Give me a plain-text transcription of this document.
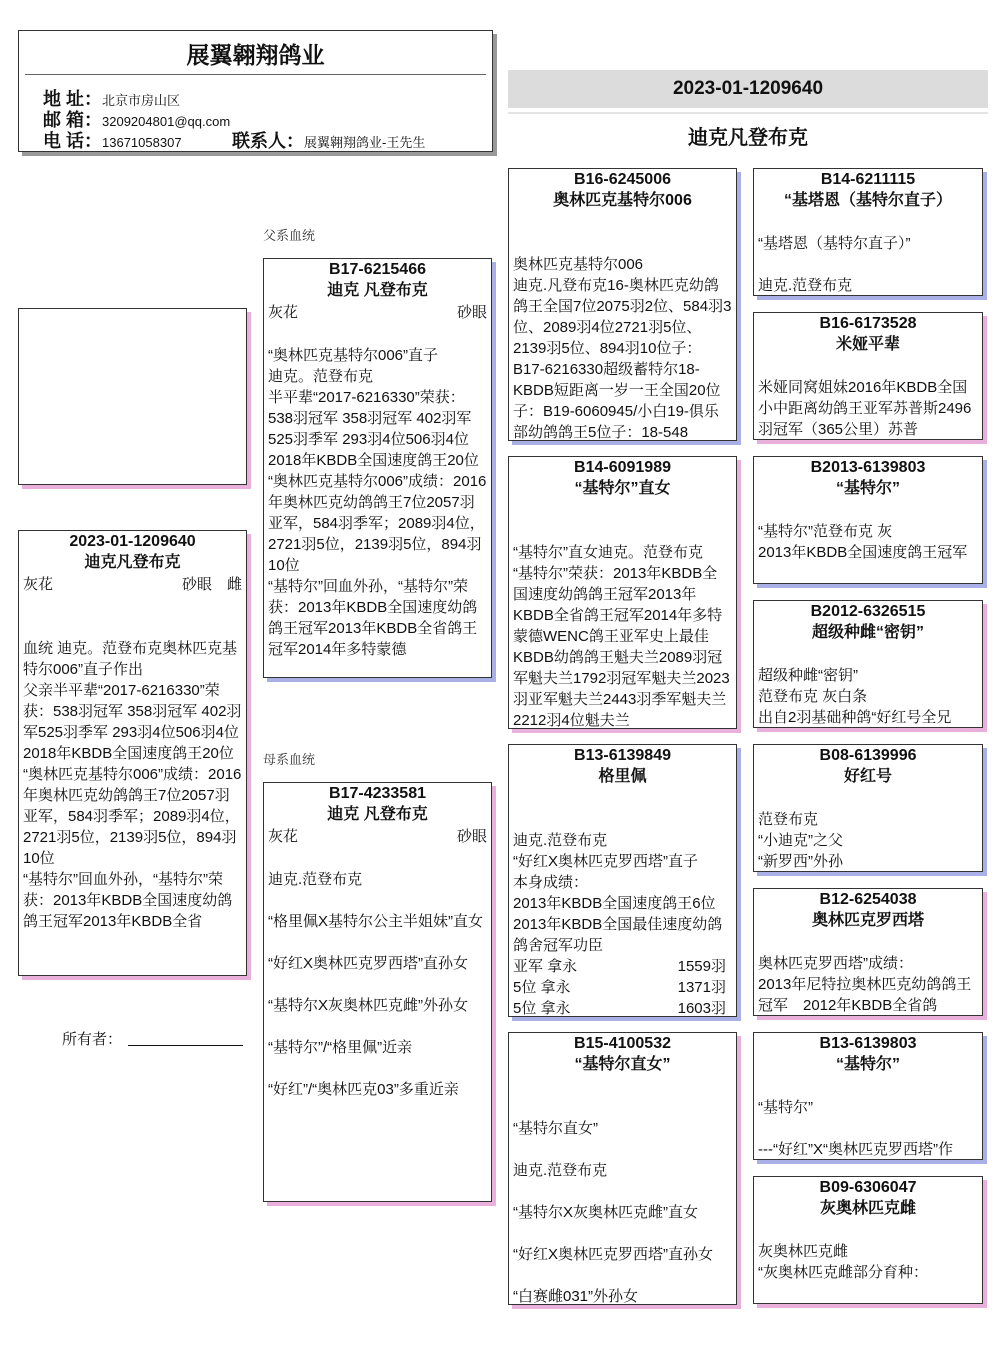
展翼翱翔鸽业
地 址：北京市房山区
邮 箱：3209204801@qq.com
电 话：13671058307	联系人：展翼翱翔鸽业-王先生
2023-01-1209640
迪克凡登布克
父系血统
母系血统
所有者：
2023-01-1209640
迪克凡登布克
灰花	砂眼　雌
血统 迪克。范登布克奥林匹克基特尔006”直子作出
父亲半平辈“2017-6216330”荣获：538羽冠军 358羽冠军 402羽军525羽季军 293羽4位506羽4位2018年KBDB全国速度鸽王20位
“奥林匹克基特尔006”成绩：2016年奥林匹克幼鸽鸽王7位2057羽亚军，584羽季军；2089羽4位，2721羽5位，2139羽5位，894羽10位
“基特尔”回血外孙，“基特尔”荣获：2013年KBDB全国速度幼鸽鸽王冠军2013年KBDB全省
B17-6215466
迪克 凡登布克
灰花	砂眼
“奥林匹克基特尔006”直子
迪克。范登布克
半平辈“2017-6216330”荣获：538羽冠军 358羽冠军 402羽军525羽季军 293羽4位506羽4位2018年KBDB全国速度鸽王20位
“奥林匹克基特尔006”成绩：2016年奥林匹克幼鸽鸽王7位2057羽亚军，584羽季军；2089羽4位，2721羽5位，2139羽5位，894羽10位
“基特尔”回血外孙，“基特尔”荣获：2013年KBDB全国速度幼鸽鸽王冠军2013年KBDB全省鸽王冠军2014年多特蒙德
B17-4233581
迪克 凡登布克
灰花	砂眼
迪克.范登布克
“格里佩X基特尔公主半姐妹”直女
“好红X奥林匹克罗西塔”直孙女
“基特尔X灰奥林匹克雌”外孙女
“基特尔”/“格里佩”近亲
“好红”/“奥林匹克03”多重近亲
B16-6245006
奥林匹克基特尔006
奥林匹克基特尔006
迪克.凡登布克16-奥林匹克幼鸽鸽王全国7位2075羽2位、584羽3位、2089羽4位2721羽5位、2139羽5位、894羽10位子：B17-6216330超级蓄特尔18-KBDB短距离一岁一王全国20位子：B19-6060945/小白19-俱乐部幼鸽鸽王5位子：18-548
B14-6091989
“基特尔”直女
“基特尔”直女迪克。范登布克
“基特尔”荣获：2013年KBDB全国速度幼鸽鸽王冠军2013年KBDB全省鸽王冠军2014年多特蒙德WENC鸽王亚军史上最佳KBDB幼鸽鸽王魁夫兰2089羽冠军魁夫兰1792羽冠军魁夫兰2023羽亚军魁夫兰2443羽季军魁夫兰2212羽4位魁夫兰
B13-6139849
格里佩
迪克.范登布克
“好红X奥林匹克罗西塔”直子
本身成绩：
2013年KBDB全国速度鸽王6位
2013年KBDB全国最佳速度幼鸽鸽舍冠军功臣
亚军 拿永	1559羽
5位 拿永	1371羽
5位 拿永	1603羽
B15-4100532
“基特尔直女”
“基特尔直女”
迪克.范登布克
“基特尔X灰奥林匹克雌”直女
“好红X奥林匹克罗西塔”直孙女
“白赛雌031”外孙女
B14-6211115
“基塔恩（基特尔直子）
“基塔恩（基特尔直子）”
迪克.范登布克
B16-6173528
米娅平辈
米娅同窝姐妹2016年KBDB全国小中距离幼鸽王亚军苏普斯2496羽冠军（365公里）苏普
B2013-6139803
“基特尔”
“基特尔”范登布克 灰
2013年KBDB全国速度鸽王冠军
B2012-6326515
超级种雌“密钥”
超级种雌“密钥”
范登布克 灰白条
出自2羽基础种鸽“好红号全兄
B08-6139996
好红号
范登布克
“小迪克”之父
“新罗西”外孙
B12-6254038
奥林匹克罗西塔
奥林匹克罗西塔”成绩：
2013年尼特拉奥林匹克幼鸽鸽王冠军　2012年KBDB全省鸽
B13-6139803
“基特尔”
“基特尔”
---“好红”X“奥林匹克罗西塔”作
B09-6306047
灰奥林匹克雌
灰奥林匹克雌
“灰奥林匹克雌部分育种：
